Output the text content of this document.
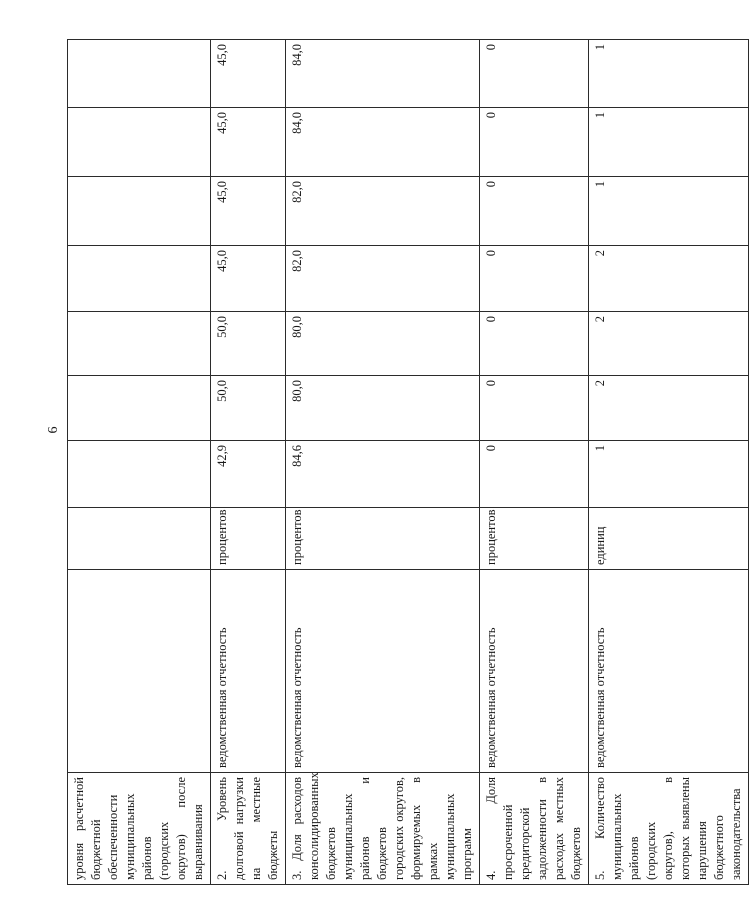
6
уровня расчетной бюджетной обеспеченности муниципальных районов (городских округов) после выравнивания									
2. Уровень долговой нагрузки на местные бюджеты	ведомственная отчетность	процентов	42,9	50,0	50,0	45,0	45,0	45,0	45,0
3. Доля расходов консолидированных бюджетов муниципальных районов и бюджетов городских округов, формируемых в рамках муниципальных программ	ведомственная отчетность	процентов	84,6	80,0	80,0	82,0	82,0	84,0	84,0
4. Доля просроченной кредиторской задолженности в расходах местных бюджетов	ведомственная отчетность	процентов	0	0	0	0	0	0	0
5. Количество муниципальных районов (городских округов), в которых выявлены нарушения бюджетного законодательства	ведомственная отчетность	единиц	1	2	2	2	1	1	1
